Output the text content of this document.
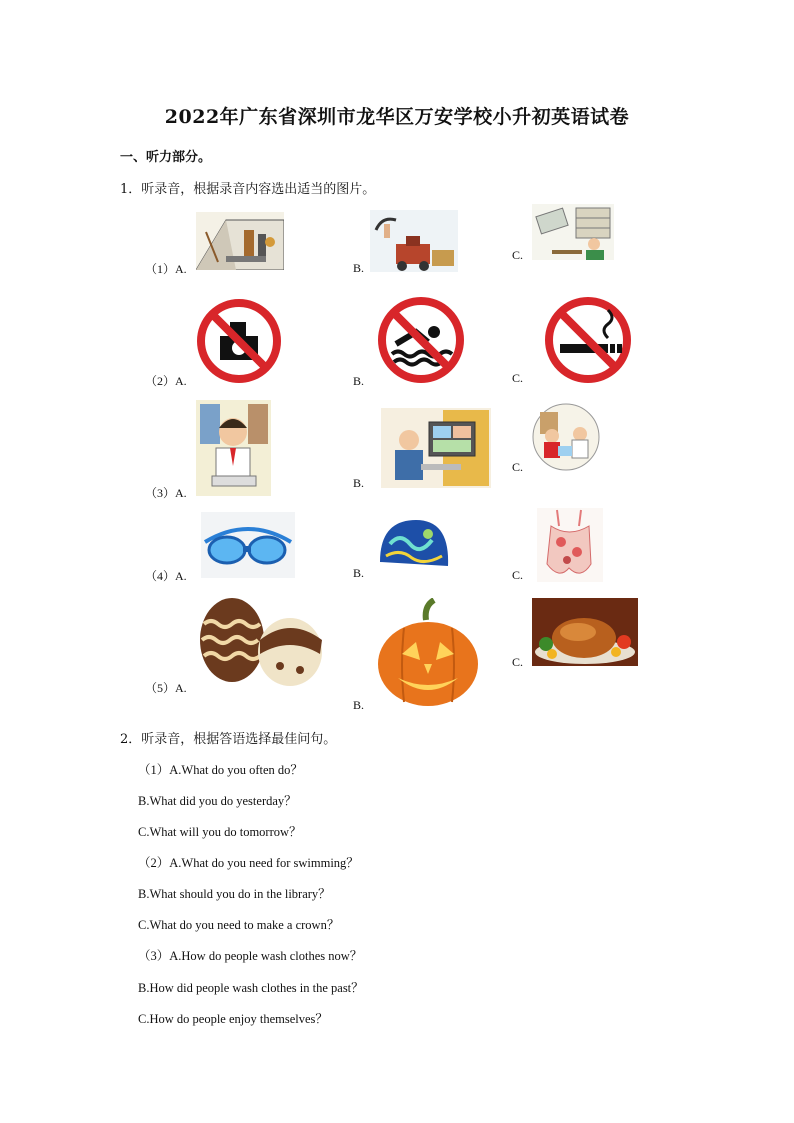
2022年广东省深圳市龙华区万安学校小升初英语试卷
一、听力部分。
1．听录音，根据录音内容选出适当的图片。
（1）A.	B.
C.
（2）A.	B.	C.
（3）A.
B.
C.
（4）A.	B.	C.
（5）A.
B.
C.
2．听录音，根据答语选择最佳问句。
（1）A.What do you often do？
B.What did you do yesterday？
C.What will you do tomorrow？
（2）A.What do you need for swimming？
B.What should you do in the library？
C.What do you need to make a crown？
（3）A.How do people wash clothes now？
B.How did people wash clothes in the past？
C.How do people enjoy themselves？
